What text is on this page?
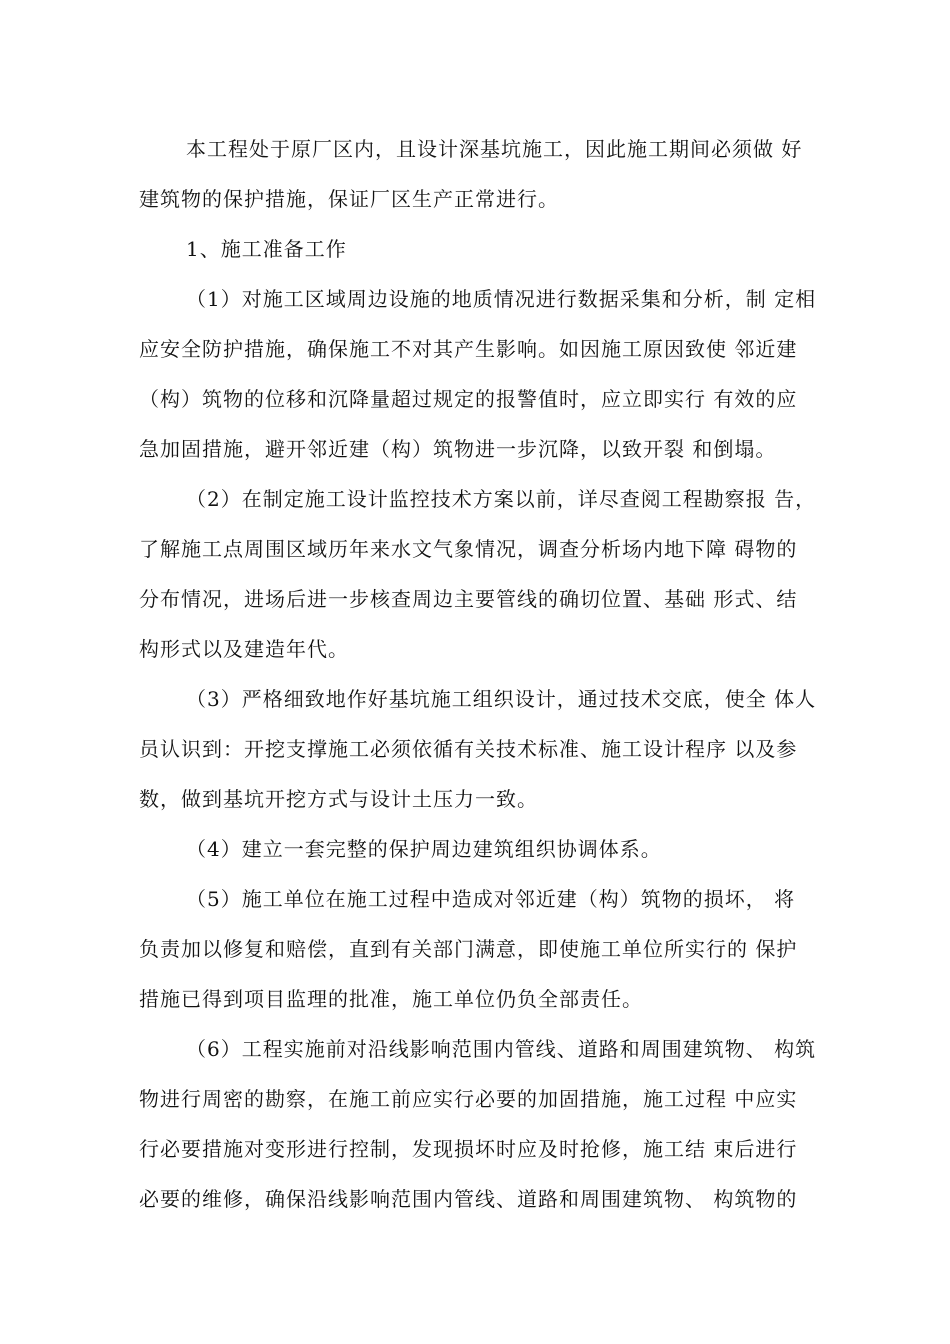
本工程处于原厂区内，且设计深基坑施工，因此施工期间必须做 好
建筑物的保护措施，保证厂区生产正常进行。

1、施工准备工作

（1）对施工区域周边设施的地质情况进行数据采集和分析，制 定相
应安全防护措施，确保施工不对其产生影响。如因施工原因致使 邻近建
（构）筑物的位移和沉降量超过规定的报警值时，应立即实行 有效的应
急加固措施，避开邻近建（构）筑物进一步沉降，以致开裂 和倒塌。

（2）在制定施工设计监控技术方案以前，详尽查阅工程勘察报 告，
了解施工点周围区域历年来水文气象情况，调查分析场内地下障 碍物的
分布情况，进场后进一步核查周边主要管线的确切位置、基础 形式、结
构形式以及建造年代。

（3）严格细致地作好基坑施工组织设计，通过技术交底，使全 体人
员认识到：开挖支撑施工必须依循有关技术标准、施工设计程序 以及参
数，做到基坑开挖方式与设计土压力一致。

（4）建立一套完整的保护周边建筑组织协调体系。

（5）施工单位在施工过程中造成对邻近建（构）筑物的损坏， 将
负责加以修复和赔偿，直到有关部门满意，即使施工单位所实行的 保护
措施已得到项目监理的批准，施工单位仍负全部责任。

（6）工程实施前对沿线影响范围内管线、道路和周围建筑物、 构筑
物进行周密的勘察，在施工前应实行必要的加固措施，施工过程 中应实
行必要措施对变形进行控制，发现损坏时应及时抢修，施工结 束后进行
必要的维修，确保沿线影响范围内管线、道路和周围建筑物、 构筑物的
